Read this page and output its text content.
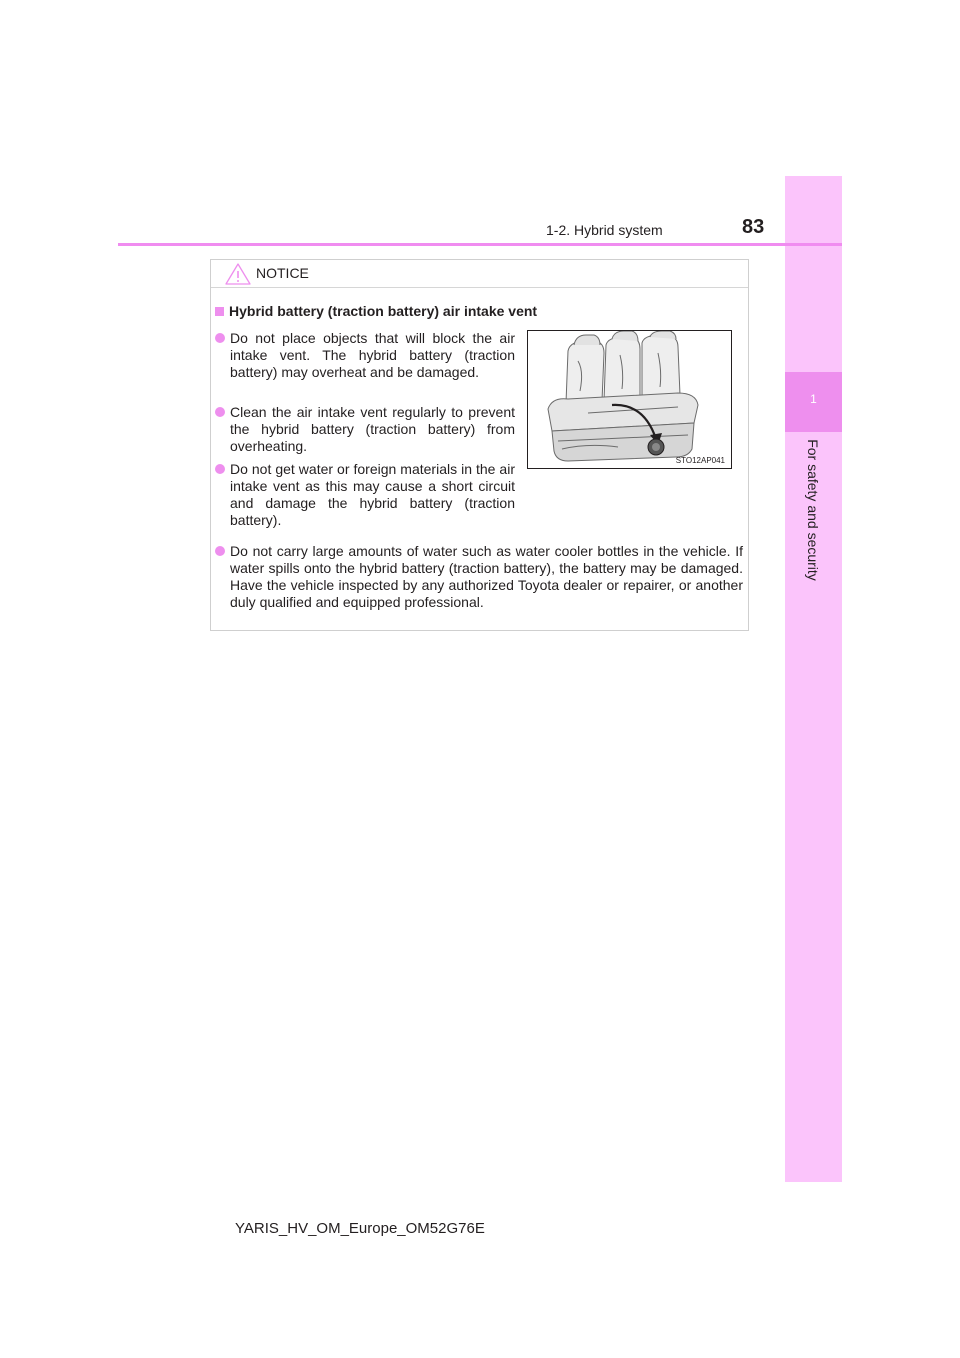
1
For safety and security
1-2. Hybrid system	83
NOTICE
Hybrid battery (traction battery) air intake vent
Do not place objects that will block the air intake vent. The hybrid battery (traction battery) may overheat and be damaged.
Clean the air intake vent regularly to prevent the hybrid battery (traction battery) from overheating.
Do not get water or foreign materials in the air intake vent as this may cause a short circuit and damage the hybrid battery (traction battery).
Do not carry large amounts of water such as water cooler bottles in the vehicle. If water spills onto the hybrid battery (traction battery), the battery may be damaged. Have the vehicle inspected by any authorized Toyota dealer or repairer, or another duly qualified and equipped professional.
STO12AP041
YARIS_HV_OM_Europe_OM52G76E
